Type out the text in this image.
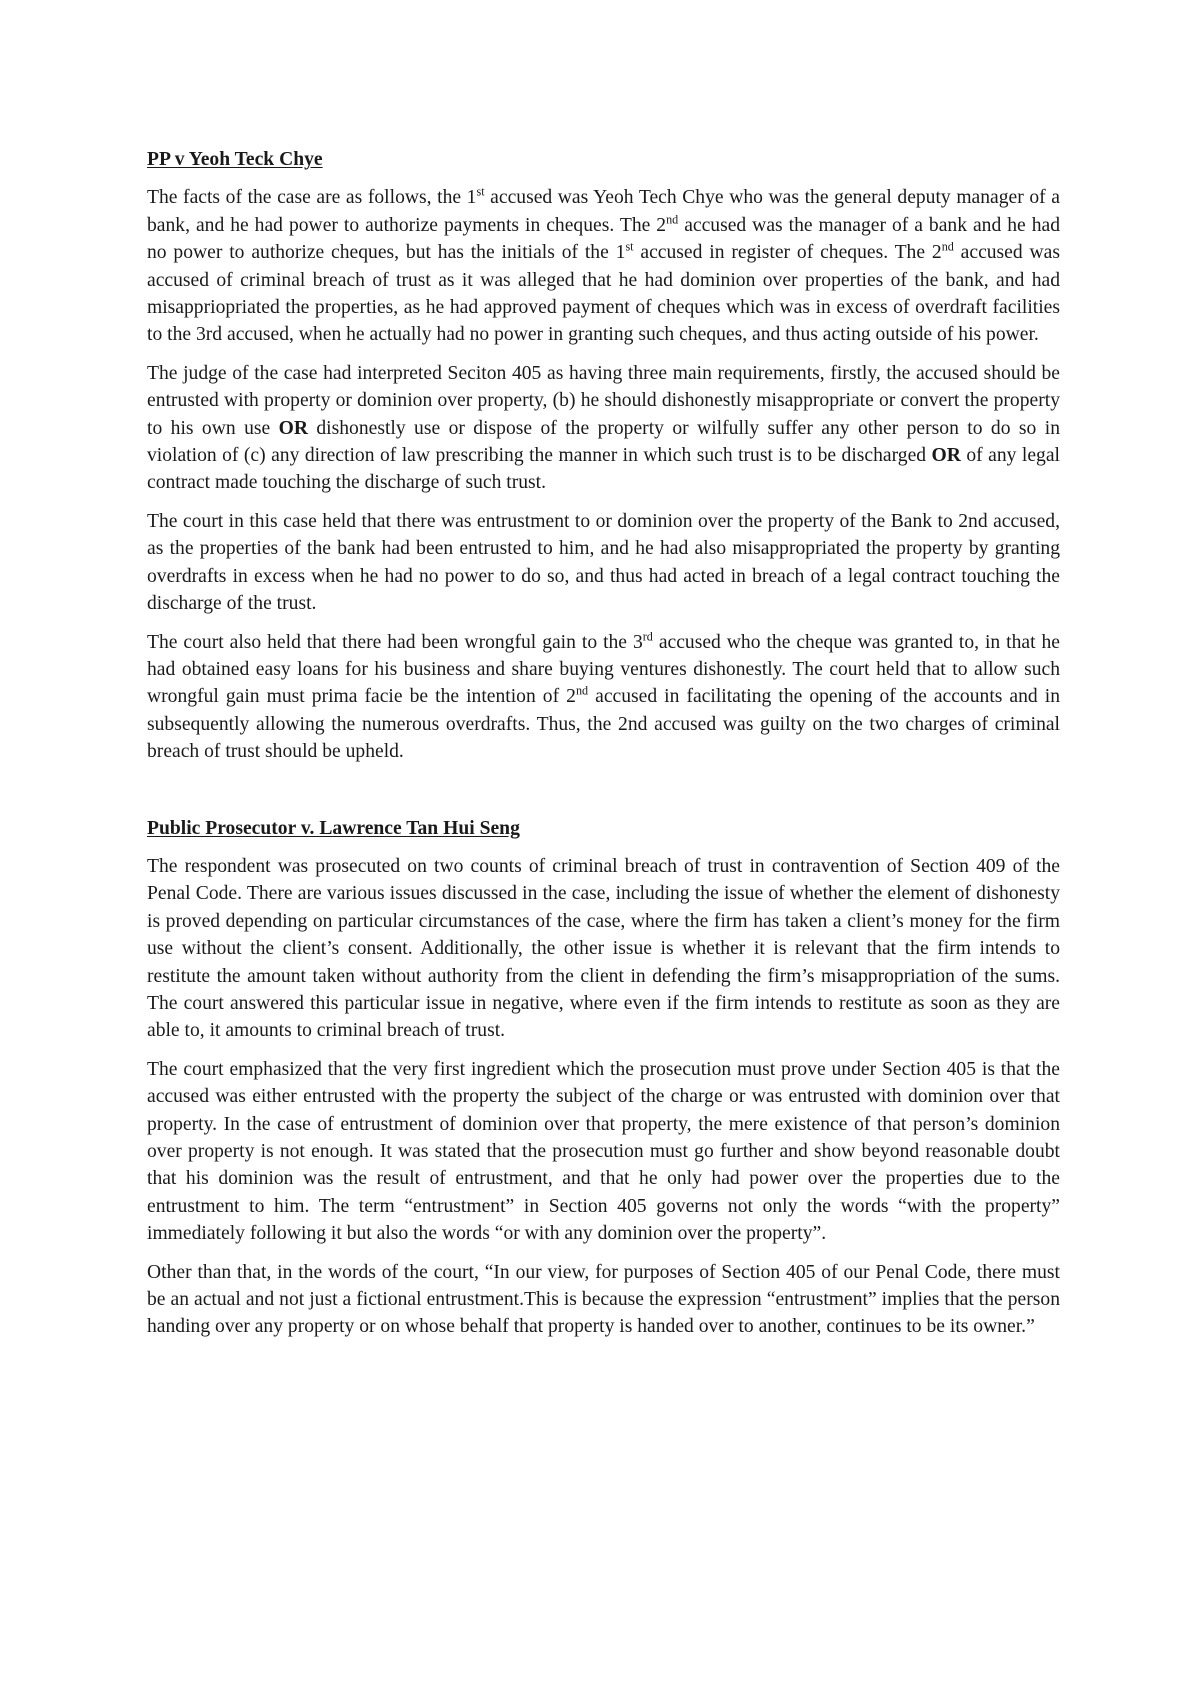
PP v Yeoh Teck Chye

The facts of the case are as follows, the 1st accused was Yeoh Tech Chye who was the general deputy manager of a bank, and he had power to authorize payments in cheques. The 2nd accused was the manager of a bank and he had no power to authorize cheques, but has the initials of the 1st accused in register of cheques. The 2nd accused was accused of criminal breach of trust as it was alleged that he had dominion over properties of the bank, and had misappriopriated the properties, as he had approved payment of cheques which was in excess of overdraft facilities to the 3rd accused, when he actually had no power in granting such cheques, and thus acting outside of his power.

The judge of the case had interpreted Seciton 405 as having three main requirements, firstly, the accused should be entrusted with property or dominion over property, (b) he should dishonestly misappropriate or convert the property to his own use OR dishonestly use or dispose of the property or wilfully suffer any other person to do so in violation of (c) any direction of law prescribing the manner in which such trust is to be discharged OR of any legal contract made touching the discharge of such trust.

The court in this case held that there was entrustment to or dominion over the property of the Bank to 2nd accused, as the properties of the bank had been entrusted to him, and he had also misappropriated the property by granting overdrafts in excess when he had no power to do so, and thus had acted in breach of a legal contract touching the discharge of the trust.

The court also held that there had been wrongful gain to the 3rd accused who the cheque was granted to, in that he had obtained easy loans for his business and share buying ventures dishonestly. The court held that to allow such wrongful gain must prima facie be the intention of 2nd accused in facilitating the opening of the accounts and in subsequently allowing the numerous overdrafts. Thus, the 2nd accused was guilty on the two charges of criminal breach of trust should be upheld.

Public Prosecutor v. Lawrence Tan Hui Seng

The respondent was prosecuted on two counts of criminal breach of trust in contravention of Section 409 of the Penal Code. There are various issues discussed in the case, including the issue of whether the element of dishonesty is proved depending on particular circumstances of the case, where the firm has taken a client’s money for the firm use without the client’s consent. Additionally, the other issue is whether it is relevant that the firm intends to restitute the amount taken without authority from the client in defending the firm’s misappropriation of the sums. The court answered this particular issue in negative, where even if the firm intends to restitute as soon as they are able to, it amounts to criminal breach of trust.

The court emphasized that the very first ingredient which the prosecution must prove under Section 405 is that the accused was either entrusted with the property the subject of the charge or was entrusted with dominion over that property. In the case of entrustment of dominion over that property, the mere existence of that person’s dominion over property is not enough. It was stated that the prosecution must go further and show beyond reasonable doubt that his dominion was the result of entrustment, and that he only had power over the properties due to the entrustment to him. The term “entrustment” in Section 405 governs not only the words “with the property” immediately following it but also the words “or with any dominion over the property”.

Other than that, in the words of the court, “In our view, for purposes of Section 405 of our Penal Code, there must be an actual and not just a fictional entrustment.This is because the expression “entrustment” implies that the person handing over any property or on whose behalf that property is handed over to another, continues to be its owner.”
